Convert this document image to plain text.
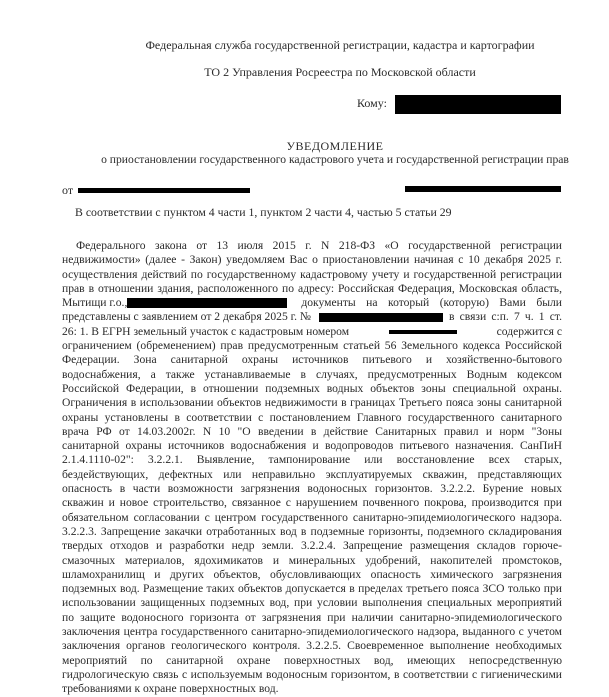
Федеральная служба государственной регистрации, кадастра и картографии
ТО 2 Управления Росреестра по Московской области
Кому:
УВЕДОМЛЕНИЕ
о приостановлении государственного кадастрового учета и государственной регистрации прав
от
В соответствии с пунктом 4 части 1, пунктом 2 части 4, частью 5 статьи 29
Федерального закона от 13 июля 2015 г. N 218-ФЗ «О государственной регистрации
недвижимости» (далее - Закон) уведомляем Вас о приостановлении начиная с 10 декабря 2025 г.
осуществления действий по государственному кадастровому учету и государственной регистрации
прав в отношении здания, расположенного по адресу: Российская Федерация, Московская область,
Мытищи г.о.,	документы на который (которую) Вами были
представлены с заявлением от 2 декабря 2025 г. №	в связи с:п. 7 ч. 1 ст.
26: 1. В ЕГРН земельный участок с кадастровым номером	содержится с
ограничением (обременением) прав предусмотренным статьей 56 Земельного кодекса Российской
Федерации. Зона санитарной охраны источников питьевого и хозяйственно-бытового
водоснабжения, а также устанавливаемые в случаях, предусмотренных Водным кодексом
Российской Федерации, в отношении подземных водных объектов зоны специальной охраны.
Ограничения в использовании объектов недвижимости в границах Третьего пояса зоны санитарной
охраны установлены в соответствии с постановлением Главного государственного санитарного
врача РФ от 14.03.2002г. N 10 "О введении в действие Санитарных правил и норм "Зоны
санитарной охраны источников водоснабжения и водопроводов питьевого назначения. СанПиН
2.1.4.1110-02": 3.2.2.1. Выявление, тампонирование или восстановление всех старых,
бездействующих, дефектных или неправильно эксплуатируемых скважин, представляющих
опасность в части возможности загрязнения водоносных горизонтов. 3.2.2.2. Бурение новых
скважин и новое строительство, связанное с нарушением почвенного покрова, производится при
обязательном согласовании с центром государственного санитарно-эпидемиологического надзора.
3.2.2.3. Запрещение закачки отработанных вод в подземные горизонты, подземного складирования
твердых отходов и разработки недр земли. 3.2.2.4. Запрещение размещения складов горюче-
смазочных материалов, ядохимикатов и минеральных удобрений, накопителей промстоков,
шламохранилищ и других объектов, обусловливающих опасность химического загрязнения
подземных вод. Размещение таких объектов допускается в пределах третьего пояса ЗСО только при
использовании защищенных подземных вод, при условии выполнения специальных мероприятий
по защите водоносного горизонта от загрязнения при наличии санитарно-эпидемиологического
заключения центра государственного санитарно-эпидемиологического надзора, выданного с учетом
заключения органов геологического контроля. 3.2.2.5. Своевременное выполнение необходимых
мероприятий по санитарной охране поверхностных вод, имеющих непосредственную
гидрологическую связь с используемым водоносным горизонтом, в соответствии с гигиеническими
требованиями к охране поверхностных вод.
